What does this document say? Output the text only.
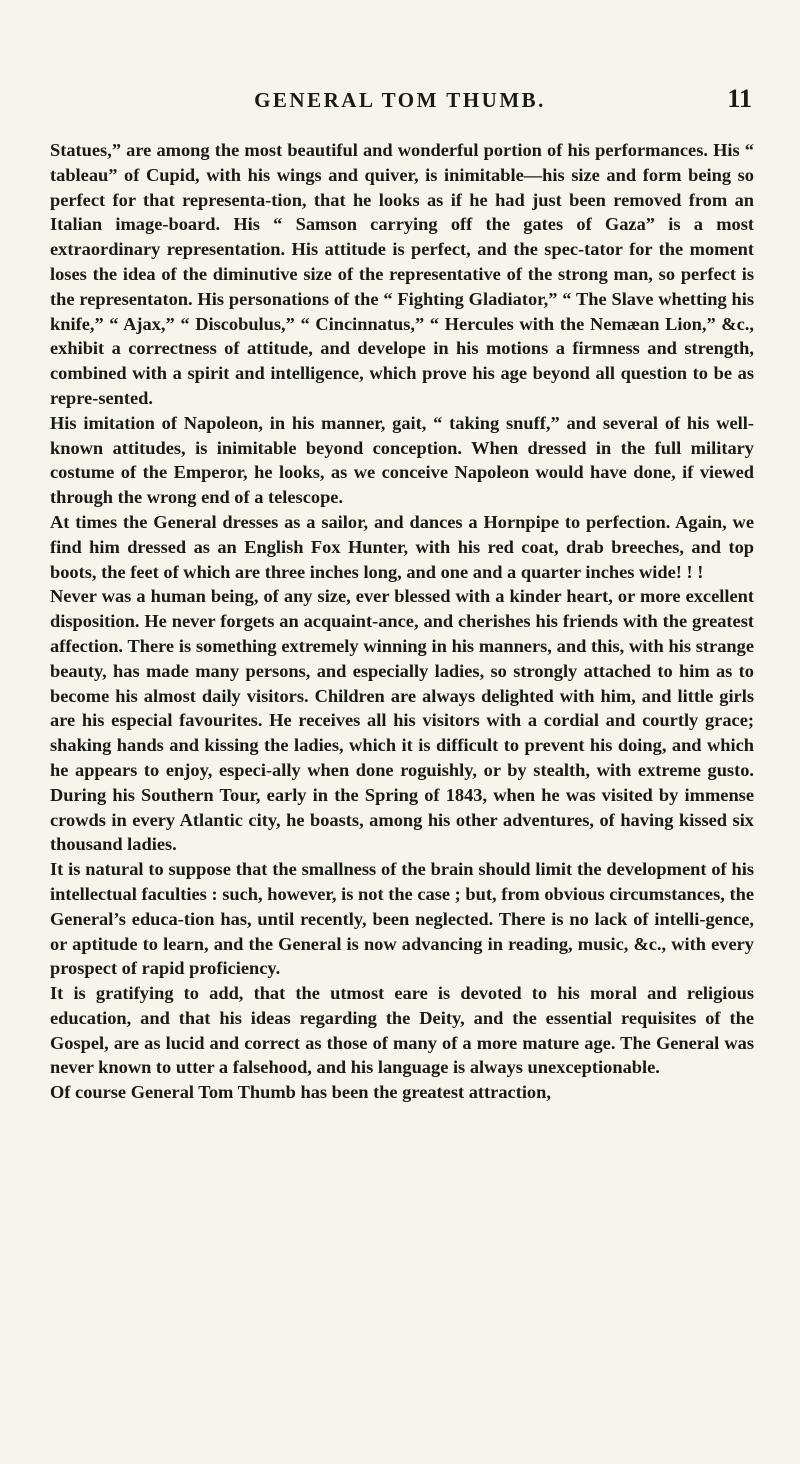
GENERAL TOM THUMB.	11

Statues,” are among the most beautiful and wonderful portion of his performances. His “ tableau” of Cupid, with his wings and quiver, is inimitable—his size and form being so perfect for that representa-tion, that he looks as if he had just been removed from an Italian image-board. His “ Samson carrying off the gates of Gaza” is a most extraordinary representation. His attitude is perfect, and the spec-tator for the moment loses the idea of the diminutive size of the representative of the strong man, so perfect is the representaton. His personations of the “ Fighting Gladiator,” “ The Slave whetting his knife,” “ Ajax,” “ Discobulus,” “ Cincinnatus,” “ Hercules with the Nemæan Lion,” &c., exhibit a correctness of attitude, and develope in his motions a firmness and strength, combined with a spirit and intelligence, which prove his age beyond all question to be as repre-sented.

His imitation of Napoleon, in his manner, gait, “ taking snuff,” and several of his well-known attitudes, is inimitable beyond conception. When dressed in the full military costume of the Emperor, he looks, as we conceive Napoleon would have done, if viewed through the wrong end of a telescope.

At times the General dresses as a sailor, and dances a Hornpipe to perfection. Again, we find him dressed as an English Fox Hunter, with his red coat, drab breeches, and top boots, the feet of which are three inches long, and one and a quarter inches wide! ! !

Never was a human being, of any size, ever blessed with a kinder heart, or more excellent disposition. He never forgets an acquaint-ance, and cherishes his friends with the greatest affection. There is something extremely winning in his manners, and this, with his strange beauty, has made many persons, and especially ladies, so strongly attached to him as to become his almost daily visitors. Children are always delighted with him, and little girls are his especial favourites. He receives all his visitors with a cordial and courtly grace; shaking hands and kissing the ladies, which it is difficult to prevent his doing, and which he appears to enjoy, especi-ally when done roguishly, or by stealth, with extreme gusto. During his Southern Tour, early in the Spring of 1843, when he was visited by immense crowds in every Atlantic city, he boasts, among his other adventures, of having kissed six thousand ladies.

It is natural to suppose that the smallness of the brain should limit the development of his intellectual faculties : such, however, is not the case ; but, from obvious circumstances, the General’s educa-tion has, until recently, been neglected. There is no lack of intelli-gence, or aptitude to learn, and the General is now advancing in reading, music, &c., with every prospect of rapid proficiency.

It is gratifying to add, that the utmost eare is devoted to his moral and religious education, and that his ideas regarding the Deity, and the essential requisites of the Gospel, are as lucid and correct as those of many of a more mature age. The General was never known to utter a falsehood, and his language is always unexceptionable.

Of course General Tom Thumb has been the greatest attraction,
